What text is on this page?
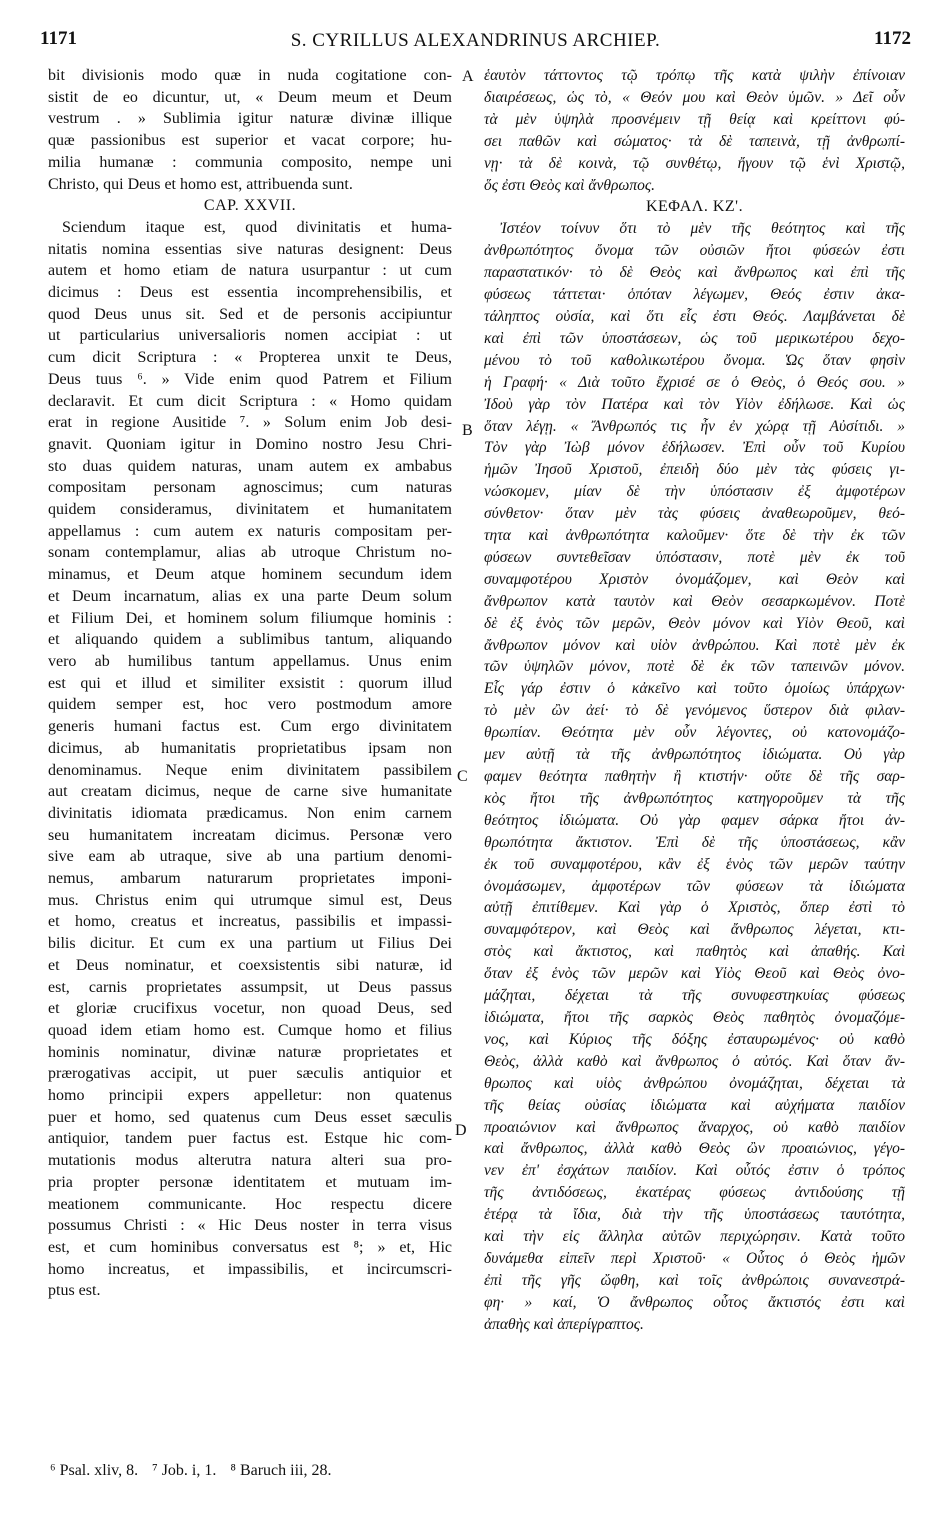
1171	S. CYRILLUS ALEXANDRINUS ARCHIEP.	1172
bit divisionis modo quæ in nuda cogitatione con-
sistit de eo dicuntur, ut, « Deum meum et Deum
vestrum . » Sublimia igitur naturæ divinæ illique
quæ passionibus est superior et vacat corpore; hu-
milia humanæ : communia composito, nempe uni
Christo, qui Deus et homo est, attribuenda sunt.
CAP. XXVII.
Sciendum itaque est, quod divinitatis et huma-
nitatis nomina essentias sive naturas designent: Deus
autem et homo etiam de natura usurpantur : ut cum
dicimus : Deus est essentia incomprehensibilis, et
quod Deus unus sit. Sed et de personis accipiuntur
ut particularius universalioris nomen accipiat : ut
cum dicit Scriptura : « Propterea unxit te Deus,
Deus tuus ⁶. » Vide enim quod Patrem et Filium
declaravit. Et cum dicit Scriptura : « Homo quidam
erat in regione Ausitide ⁷. » Solum enim Job desi-
gnavit. Quoniam igitur in Domino nostro Jesu Chri-
sto duas quidem naturas, unam autem ex ambabus
compositam personam agnoscimus; cum naturas
quidem consideramus, divinitatem et humanitatem
appellamus : cum autem ex naturis compositam per-
sonam contemplamur, alias ab utroque Christum no-
minamus, et Deum atque hominem secundum idem
et Deum incarnatum, alias ex una parte Deum solum
et Filium Dei, et hominem solum filiumque hominis :
et aliquando quidem a sublimibus tantum, aliquando
vero ab humilibus tantum appellamus. Unus enim
est qui et illud et similiter exsistit : quorum illud
quidem semper est, hoc vero postmodum amore
generis humani factus est. Cum ergo divinitatem
dicimus, ab humanitatis proprietatibus ipsam non
denominamus. Neque enim divinitatem passibilem
aut creatam dicimus, neque de carne sive humanitate
divinitatis idiomata prædicamus. Non enim carnem
seu humanitatem increatam dicimus. Personæ vero
sive eam ab utraque, sive ab una partium denomi-
nemus, ambarum naturarum proprietates imponi-
mus. Christus enim qui utrumque simul est, Deus
et homo, creatus et increatus, passibilis et impassi-
bilis dicitur. Et cum ex una partium ut Filius Dei
et Deus nominatur, et coexsistentis sibi naturæ, id
est, carnis proprietates assumpsit, ut Deus passus
et gloriæ crucifixus vocetur, non quoad Deus, sed
quoad idem etiam homo est. Cumque homo et filius
hominis nominatur, divinæ naturæ proprietates et
prærogativas accipit, ut puer sæculis antiquior et
homo principii expers appelletur: non quatenus
puer et homo, sed quatenus cum Deus esset sæculis
antiquior, tandem puer factus est. Estque hic com-
mutationis modus alterutra natura alteri sua pro-
pria propter personæ identitatem et mutuam im-
meationem communicante. Hoc respectu dicere
possumus Christi : « Hic Deus noster in terra visus
est, et cum hominibus conversatus est ⁸; » et, Hic
homo increatus, et impassibilis, et incircumscri-
ptus est.
A
B
C
D
ἑαυτὸν τάττοντος τῷ τρόπῳ τῆς κατὰ ψιλὴν ἐπίνοιαν
διαιρέσεως, ὡς τὸ, « Θεόν μου καὶ Θεὸν ὑμῶν. » Δεῖ οὖν
τὰ μὲν ὑψηλὰ προσνέμειν τῇ θείᾳ καὶ κρείττονι φύ-
σει παθῶν καὶ σώματος· τὰ δὲ ταπεινὰ, τῇ ἀνθρωπί-
νῃ· τὰ δὲ κοινὰ, τῷ συνθέτῳ, ἤγουν τῷ ἑνὶ Χριστῷ,
ὅς ἐστι Θεὸς καὶ ἄνθρωπος.
ΚΕΦΑΛ. ΚΖ'.
Ἰστέον τοίνυν ὅτι τὸ μὲν τῆς θεότητος καὶ τῆς
ἀνθρωπότητος ὄνομα τῶν οὐσιῶν ἤτοι φύσεών ἐστι
παραστατικόν· τὸ δὲ Θεὸς καὶ ἄνθρωπος καὶ ἐπὶ τῆς
φύσεως τάττεται· ὁπόταν λέγωμεν, Θεός ἐστιν ἀκα-
τάληπτος οὐσία, καὶ ὅτι εἷς ἐστι Θεός. Λαμβάνεται δὲ
καὶ ἐπὶ τῶν ὑποστάσεων, ὡς τοῦ μερικωτέρου δεχο-
μένου τὸ τοῦ καθολικωτέρου ὄνομα. Ὡς ὅταν φησὶν
ἡ Γραφή· « Διὰ τοῦτο ἔχρισέ σε ὁ Θεὸς, ὁ Θεός σου. »
Ἰδοὺ γὰρ τὸν Πατέρα καὶ τὸν Υἱὸν ἐδήλωσε. Καὶ ὡς
ὅταν λέγῃ. « Ἄνθρωπός τις ἦν ἐν χώρᾳ τῇ Αὐσίτιδι. »
Τὸν γὰρ Ἰὼβ μόνον ἐδήλωσεν. Ἐπὶ οὖν τοῦ Κυρίου
ἡμῶν Ἰησοῦ Χριστοῦ, ἐπειδὴ δύο μὲν τὰς φύσεις γι-
νώσκομεν, μίαν δὲ τὴν ὑπόστασιν ἐξ ἀμφοτέρων
σύνθετον· ὅταν μὲν τὰς φύσεις ἀναθεωροῦμεν, θεό-
τητα καὶ ἀνθρωπότητα καλοῦμεν· ὅτε δὲ τὴν ἐκ τῶν
φύσεων συντεθεῖσαν ὑπόστασιν, ποτὲ μὲν ἐκ τοῦ
συναμφοτέρου Χριστὸν ὀνομάζομεν, καὶ Θεὸν καὶ
ἄνθρωπον κατὰ ταυτὸν καὶ Θεὸν σεσαρκωμένον. Ποτὲ
δὲ ἐξ ἑνὸς τῶν μερῶν, Θεὸν μόνον καὶ Υἱὸν Θεοῦ, καὶ
ἄνθρωπον μόνον καὶ υἱὸν ἀνθρώπου. Καὶ ποτὲ μὲν ἐκ
τῶν ὑψηλῶν μόνον, ποτὲ δὲ ἐκ τῶν ταπεινῶν μόνον.
Εἷς γάρ ἐστιν ὁ κἀκεῖνο καὶ τοῦτο ὁμοίως ὑπάρχων·
τὸ μὲν ὢν ἀεί· τὸ δὲ γενόμενος ὕστερον διὰ φιλαν-
θρωπίαν. Θεότητα μὲν οὖν λέγοντες, οὐ κατονομάζο-
μεν αὐτῇ τὰ τῆς ἀνθρωπότητος ἰδιώματα. Οὐ γὰρ
φαμεν θεότητα παθητὴν ἢ κτιστήν· οὔτε δὲ τῆς σαρ-
κὸς ἤτοι τῆς ἀνθρωπότητος κατηγοροῦμεν τὰ τῆς
θεότητος ἰδιώματα. Οὐ γὰρ φαμεν σάρκα ἤτοι ἀν-
θρωπότητα ἄκτιστον. Ἐπὶ δὲ τῆς ὑποστάσεως, κἂν
ἐκ τοῦ συναμφοτέρου, κἂν ἐξ ἑνὸς τῶν μερῶν ταύτην
ὀνομάσωμεν, ἀμφοτέρων τῶν φύσεων τὰ ἰδιώματα
αὐτῇ ἐπιτίθεμεν. Καὶ γὰρ ὁ Χριστὸς, ὅπερ ἐστὶ τὸ
συναμφότερον, καὶ Θεὸς καὶ ἄνθρωπος λέγεται, κτι-
στὸς καὶ ἄκτιστος, καὶ παθητὸς καὶ ἀπαθής. Καὶ
ὅταν ἐξ ἑνὸς τῶν μερῶν καὶ Υἱὸς Θεοῦ καὶ Θεὸς ὀνο-
μάζηται, δέχεται τὰ τῆς συνυφεστηκυίας φύσεως
ἰδιώματα, ἤτοι τῆς σαρκὸς Θεὸς παθητὸς ὀνομαζόμε-
νος, καὶ Κύριος τῆς δόξης ἐσταυρωμένος· οὐ καθὸ
Θεὸς, ἀλλὰ καθὸ καὶ ἄνθρωπος ὁ αὐτός. Καὶ ὅταν ἄν-
θρωπος καὶ υἱὸς ἀνθρώπου ὀνομάζηται, δέχεται τὰ
τῆς θείας οὐσίας ἰδιώματα καὶ αὐχήματα παιδίον
προαιώνιον καὶ ἄνθρωπος ἄναρχος, οὐ καθὸ παιδίον
καὶ ἄνθρωπος, ἀλλὰ καθὸ Θεὸς ὢν προαιώνιος, γέγο-
νεν ἐπ' ἐσχάτων παιδίον. Καὶ οὗτός ἐστιν ὁ τρόπος
τῆς ἀντιδόσεως, ἑκατέρας φύσεως ἀντιδούσης τῇ
ἑτέρᾳ τὰ ἴδια, διὰ τὴν τῆς ὑποστάσεως ταυτότητα,
καὶ τὴν εἰς ἄλληλα αὐτῶν περιχώρησιν. Κατὰ τοῦτο
δυνάμεθα εἰπεῖν περὶ Χριστοῦ· « Οὗτος ὁ Θεὸς ἡμῶν
ἐπὶ τῆς γῆς ὤφθη, καὶ τοῖς ἀνθρώποις συνανεστρά-
φη· » καί, Ὁ ἄνθρωπος οὗτος ἄκτιστός ἐστι καὶ
ἀπαθὴς καὶ ἀπερίγραπτος.
⁶ Psal. xliv, 8. ⁷ Job. i, 1. ⁸ Baruch iii, 28.
